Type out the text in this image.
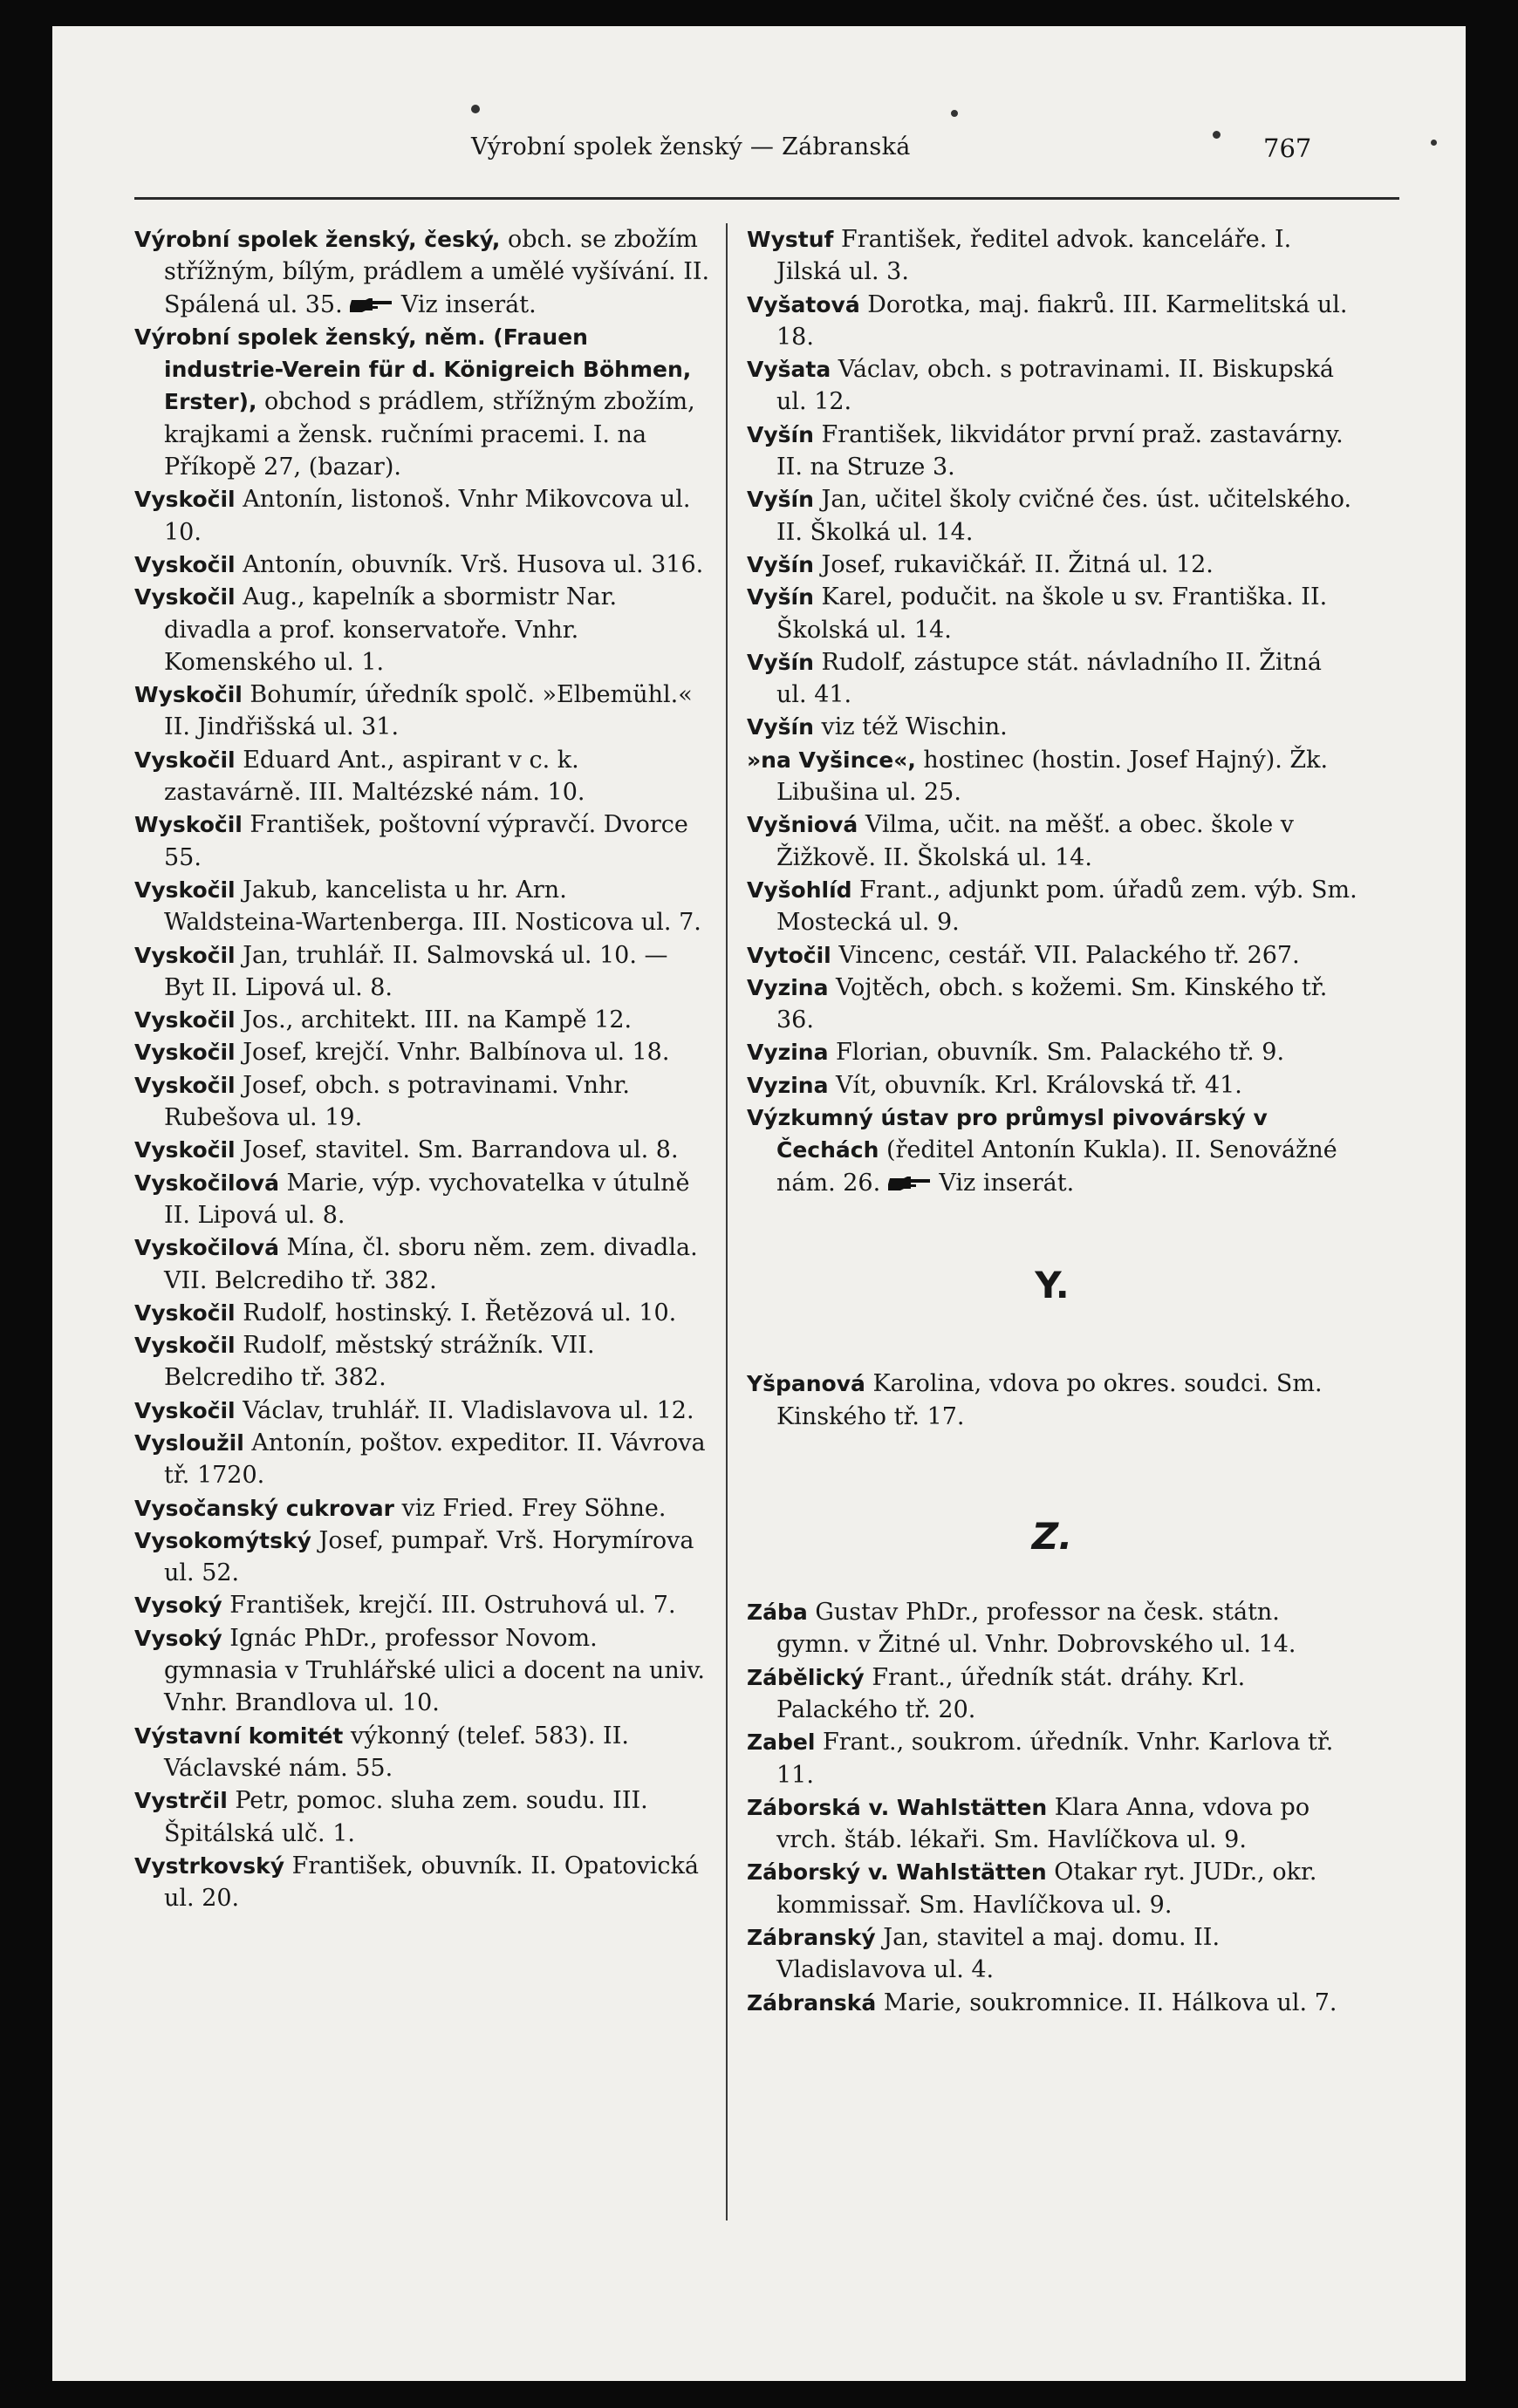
Výrobní spolek ženský — Zábranská	767

Výrobní spolek ženský, český, obch. se zbožím střížným, bílým, prádlem a umělé vyšívání. II. Spálená ul. 35. Viz inserát.

Výrobní spolek ženský, něm. (Frauen industrie-Verein für d. Königreich Böhmen, Erster), obchod s prádlem, střížným zbožím, krajkami a žensk. ručními pracemi. I. na Příkopě 27, (bazar).

Vyskočil Antonín, listonoš. Vnhr Mikovcova ul. 10.

Vyskočil Antonín, obuvník. Vrš. Husova ul. 316.

Vyskočil Aug., kapelník a sbormistr Nar. divadla a prof. konservatoře. Vnhr. Komenského ul. 1.

Wyskočil Bohumír, úředník spolč. »Elbemühl.« II. Jindřišská ul. 31.

Vyskočil Eduard Ant., aspirant v c. k. zastavárně. III. Maltézské nám. 10.

Wyskočil František, poštovní výpravčí. Dvorce 55.

Vyskočil Jakub, kancelista u hr. Arn. Waldsteina-Wartenberga. III. Nosticova ul. 7.

Vyskočil Jan, truhlář. II. Salmovská ul. 10. — Byt II. Lipová ul. 8.

Vyskočil Jos., architekt. III. na Kampě 12.

Vyskočil Josef, krejčí. Vnhr. Balbínova ul. 18.

Vyskočil Josef, obch. s potravinami. Vnhr. Rubešova ul. 19.

Vyskočil Josef, stavitel. Sm. Barrandova ul. 8.

Vyskočilová Marie, výp. vychovatelka v útulně II. Lipová ul. 8.

Vyskočilová Mína, čl. sboru něm. zem. divadla. VII. Belcrediho tř. 382.

Vyskočil Rudolf, hostinský. I. Řetězová ul. 10.

Vyskočil Rudolf, městský strážník. VII. Belcrediho tř. 382.

Vyskočil Václav, truhlář. II. Vladislavova ul. 12.

Vysloužil Antonín, poštov. expeditor. II. Vávrova tř. 1720.

Vysočanský cukrovar viz Fried. Frey Söhne.

Vysokomýtský Josef, pumpař. Vrš. Horymírova ul. 52.

Vysoký František, krejčí. III. Ostruhová ul. 7.

Vysoký Ignác PhDr., professor Novom. gymnasia v Truhlářské ulici a docent na univ. Vnhr. Brandlova ul. 10.

Výstavní komitét výkonný (telef. 583). II. Václavské nám. 55.

Vystrčil Petr, pomoc. sluha zem. soudu. III. Špitálská ulč. 1.

Vystrkovský František, obuvník. II. Opatovická ul. 20.

Wystuf František, ředitel advok. kanceláře. I. Jilská ul. 3.

Vyšatová Dorotka, maj. fiakrů. III. Karmelitská ul. 18.

Vyšata Václav, obch. s potravinami. II. Biskupská ul. 12.

Vyšín František, likvidátor první praž. zastavárny. II. na Struze 3.

Vyšín Jan, učitel školy cvičné čes. úst. učitelského. II. Školká ul. 14.

Vyšín Josef, rukavičkář. II. Žitná ul. 12.

Vyšín Karel, podučit. na škole u sv. Františka. II. Školská ul. 14.

Vyšín Rudolf, zástupce stát. návladního II. Žitná ul. 41.

Vyšín viz též Wischin.

»na Vyšince«, hostinec (hostin. Josef Hajný). Žk. Libušina ul. 25.

Vyšniová Vilma, učit. na měšť. a obec. škole v Žižkově. II. Školská ul. 14.

Vyšohlíd Frant., adjunkt pom. úřadů zem. výb. Sm. Mostecká ul. 9.

Vytočil Vincenc, cestář. VII. Palackého tř. 267.

Vyzina Vojtěch, obch. s kožemi. Sm. Kinského tř. 36.

Vyzina Florian, obuvník. Sm. Palackého tř. 9.

Vyzina Vít, obuvník. Krl. Královská tř. 41.

Výzkumný ústav pro průmysl pivovárský v Čechách (ředitel Antonín Kukla). II. Senovážné nám. 26. Viz inserát.

Y.

Yšpanová Karolina, vdova po okres. soudci. Sm. Kinského tř. 17.

Z.

Zába Gustav PhDr., professor na česk. státn. gymn. v Žitné ul. Vnhr. Dobrovského ul. 14.

Zábělický Frant., úředník stát. dráhy. Krl. Palackého tř. 20.

Zabel Frant., soukrom. úředník. Vnhr. Karlova tř. 11.

Záborská v. Wahlstätten Klara Anna, vdova po vrch. štáb. lékaři. Sm. Havlíčkova ul. 9.

Záborský v. Wahlstätten Otakar ryt. JUDr., okr. kommissař. Sm. Havlíčkova ul. 9.

Zábranský Jan, stavitel a maj. domu. II. Vladislavova ul. 4.

Zábranská Marie, soukromnice. II. Hálkova ul. 7.
